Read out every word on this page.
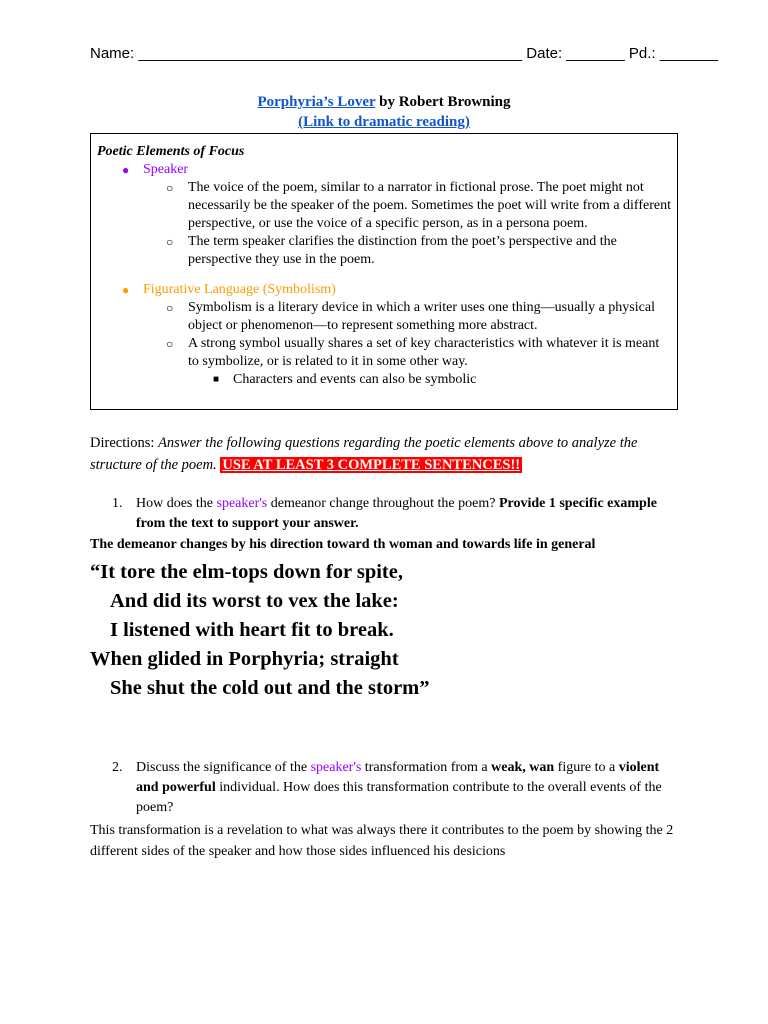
Name: ______________________________________________ Date: _______ Pd.: _______
Porphyria’s Lover by Robert Browning
(Link to dramatic reading)
Poetic Elements of Focus
● Speaker
○ The voice of the poem, similar to a narrator in fictional prose. The poet might not necessarily be the speaker of the poem. Sometimes the poet will write from a different perspective, or use the voice of a specific person, as in a persona poem.
○ The term speaker clarifies the distinction from the poet’s perspective and the perspective they use in the poem.
● Figurative Language (Symbolism)
○ Symbolism is a literary device in which a writer uses one thing—usually a physical object or phenomenon—to represent something more abstract.
○ A strong symbol usually shares a set of key characteristics with whatever it is meant to symbolize, or is related to it in some other way.
■ Characters and events can also be symbolic
Directions: Answer the following questions regarding the poetic elements above to analyze the structure of the poem. USE AT LEAST 3 COMPLETE SENTENCES!!
1. How does the speaker's demeanor change throughout the poem? Provide 1 specific example from the text to support your answer.
The demeanor changes by his direction toward th woman and towards life in general
“It tore the elm-tops down for spite,
And did its worst to vex the lake:
I listened with heart fit to break.
When glided in Porphyria; straight
She shut the cold out and the storm”
2. Discuss the significance of the speaker's transformation from a weak, wan figure to a violent and powerful individual. How does this transformation contribute to the overall events of the poem?
This transformation is a revelation to what was always there it contributes to the poem by showing the 2 different sides of the speaker and how those sides influenced his desicions
